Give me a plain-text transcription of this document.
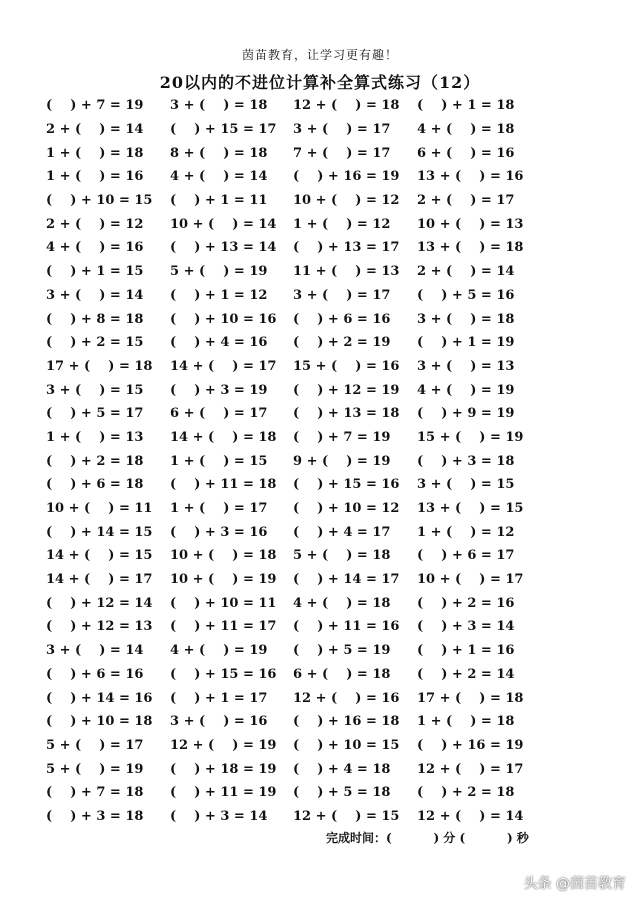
茵苗教育，让学习更有趣！
20以内的不进位计算补全算式练习（12）
(    ) + 7 = 19 3 + (    ) = 18 12 + (    ) = 18 (    ) + 1 = 18
2 + (    ) = 14 (    ) + 15 = 17 3 + (    ) = 17 4 + (    ) = 18
1 + (    ) = 18 8 + (    ) = 18 7 + (    ) = 17 6 + (    ) = 16
1 + (    ) = 16 4 + (    ) = 14 (    ) + 16 = 19 13 + (    ) = 16
(    ) + 10 = 15 (    ) + 1 = 11 10 + (    ) = 12 2 + (    ) = 17
2 + (    ) = 12 10 + (    ) = 14 1 + (    ) = 12 10 + (    ) = 13
4 + (    ) = 16 (    ) + 13 = 14 (    ) + 13 = 17 13 + (    ) = 18
(    ) + 1 = 15 5 + (    ) = 19 11 + (    ) = 13 2 + (    ) = 14
3 + (    ) = 14 (    ) + 1 = 12 3 + (    ) = 17 (    ) + 5 = 16
(    ) + 8 = 18 (    ) + 10 = 16 (    ) + 6 = 16 3 + (    ) = 18
(    ) + 2 = 15 (    ) + 4 = 16 (    ) + 2 = 19 (    ) + 1 = 19
17 + (    ) = 18 14 + (    ) = 17 15 + (    ) = 16 3 + (    ) = 13
3 + (    ) = 15 (    ) + 3 = 19 (    ) + 12 = 19 4 + (    ) = 19
(    ) + 5 = 17 6 + (    ) = 17 (    ) + 13 = 18 (    ) + 9 = 19
1 + (    ) = 13 14 + (    ) = 18 (    ) + 7 = 19 15 + (    ) = 19
(    ) + 2 = 18 1 + (    ) = 15 9 + (    ) = 19 (    ) + 3 = 18
(    ) + 6 = 18 (    ) + 11 = 18 (    ) + 15 = 16 3 + (    ) = 15
10 + (    ) = 11 1 + (    ) = 17 (    ) + 10 = 12 13 + (    ) = 15
(    ) + 14 = 15 (    ) + 3 = 16 (    ) + 4 = 17 1 + (    ) = 12
14 + (    ) = 15 10 + (    ) = 18 5 + (    ) = 18 (    ) + 6 = 17
14 + (    ) = 17 10 + (    ) = 19 (    ) + 14 = 17 10 + (    ) = 17
(    ) + 12 = 14 (    ) + 10 = 11 4 + (    ) = 18 (    ) + 2 = 16
(    ) + 12 = 13 (    ) + 11 = 17 (    ) + 11 = 16 (    ) + 3 = 14
3 + (    ) = 14 4 + (    ) = 19 (    ) + 5 = 19 (    ) + 1 = 16
(    ) + 6 = 16 (    ) + 15 = 16 6 + (    ) = 18 (    ) + 2 = 14
(    ) + 14 = 16 (    ) + 1 = 17 12 + (    ) = 16 17 + (    ) = 18
(    ) + 10 = 18 3 + (    ) = 16 (    ) + 16 = 18 1 + (    ) = 18
5 + (    ) = 17 12 + (    ) = 19 (    ) + 10 = 15 (    ) + 16 = 19
5 + (    ) = 19 (    ) + 18 = 19 (    ) + 4 = 18 12 + (    ) = 17
(    ) + 7 = 18 (    ) + 11 = 19 (    ) + 5 = 18 (    ) + 2 = 18
(    ) + 3 = 18 (    ) + 3 = 14 12 + (    ) = 15 12 + (    ) = 14
完成时间：(          ) 分 (          ) 秒
头条 @茵苗教育
